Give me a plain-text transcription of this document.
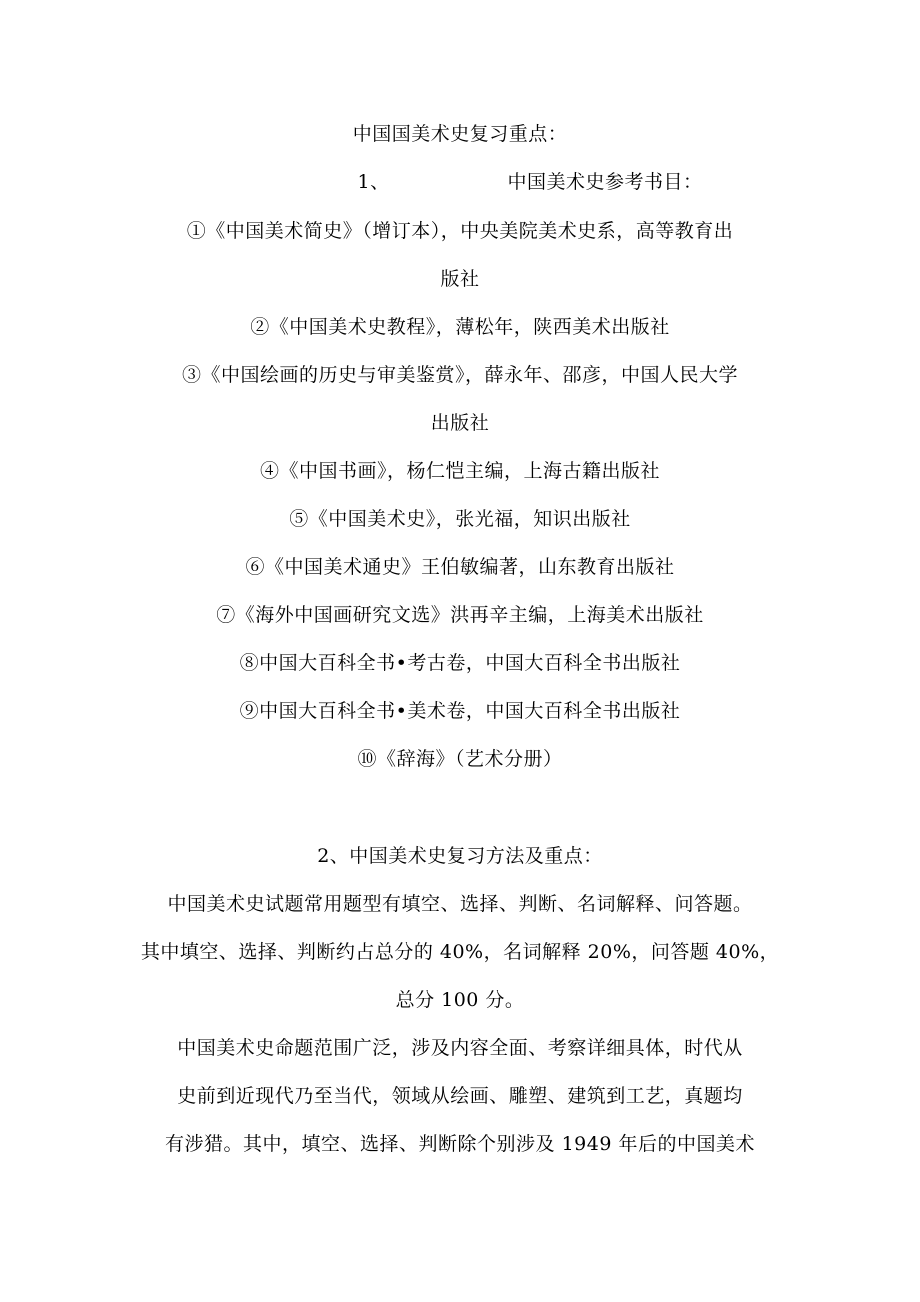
中国国美术史复习重点：
1、	中国美术史参考书目：
①《中国美术简史》（增订本），中央美院美术史系，高等教育出
版社
②《中国美术史教程》，薄松年，陕西美术出版社
③《中国绘画的历史与审美鉴赏》，薛永年、邵彦，中国人民大学
出版社
④《中国书画》，杨仁恺主编，上海古籍出版社
⑤《中国美术史》，张光福，知识出版社
⑥《中国美术通史》王伯敏编著，山东教育出版社
⑦《海外中国画研究文选》洪再辛主编，上海美术出版社
⑧中国大百科全书•考古卷，中国大百科全书出版社
⑨中国大百科全书•美术卷，中国大百科全书出版社
⑩《辞海》（艺术分册）
2、中国美术史复习方法及重点：
中国美术史试题常用题型有填空、选择、判断、名词解释、问答题。
其中填空、选择、判断约占总分的 40%，名词解释 20%，问答题 40%，
总分 100 分。
中国美术史命题范围广泛，涉及内容全面、考察详细具体，时代从
史前到近现代乃至当代，领域从绘画、雕塑、建筑到工艺，真题均
有涉猎。其中，填空、选择、判断除个别涉及 1949 年后的中国美术
